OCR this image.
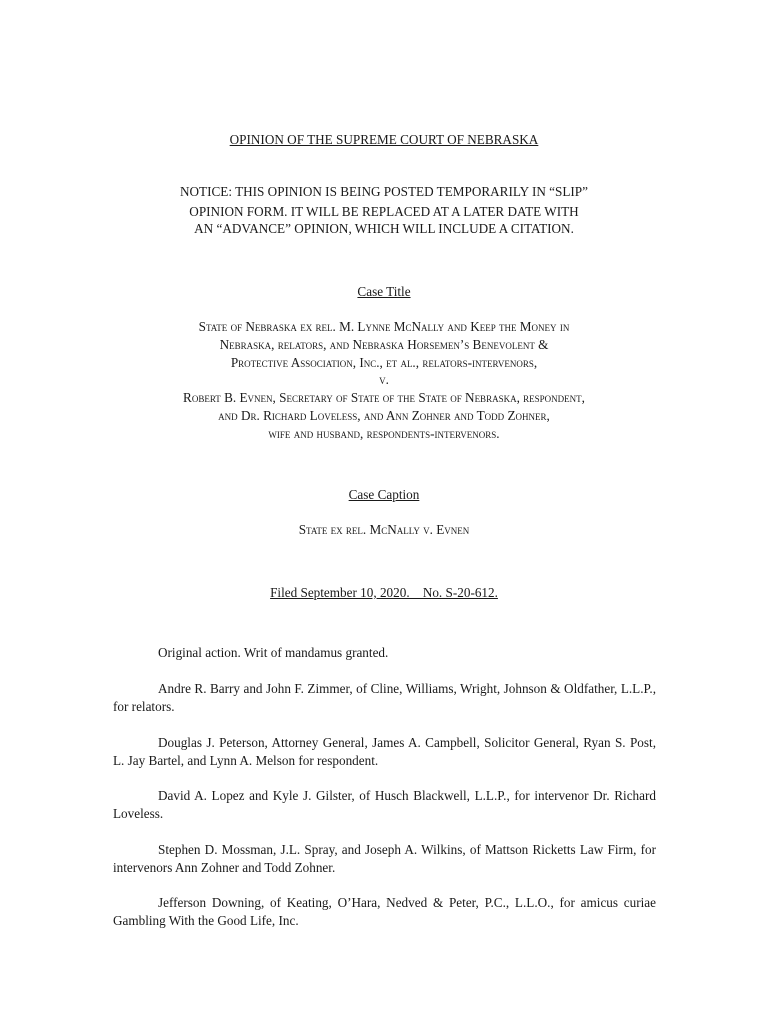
OPINION OF THE SUPREME COURT OF NEBRASKA
NOTICE: THIS OPINION IS BEING POSTED TEMPORARILY IN “SLIP”
OPINION FORM. IT WILL BE REPLACED AT A LATER DATE WITH
AN “ADVANCE” OPINION, WHICH WILL INCLUDE A CITATION.
Case Title
State of Nebraska ex rel. M. Lynne McNally and Keep the Money in
Nebraska, relators, and Nebraska Horsemen’s Benevolent &
Protective Association, Inc., et al., relators-intervenors,
v.
Robert B. Evnen, Secretary of State of the State of Nebraska, respondent,
and Dr. Richard Loveless, and Ann Zohner and Todd Zohner,
wife and husband, respondents-intervenors.
Case Caption
State ex rel. McNally v. Evnen
Filed September 10, 2020.    No. S-20-612.
Original action. Writ of mandamus granted.
Andre R. Barry and John F. Zimmer, of Cline, Williams, Wright, Johnson & Oldfather, L.L.P., for relators.
Douglas J. Peterson, Attorney General, James A. Campbell, Solicitor General, Ryan S. Post, L. Jay Bartel, and Lynn A. Melson for respondent.
David A. Lopez and Kyle J. Gilster, of Husch Blackwell, L.L.P., for intervenor Dr. Richard Loveless.
Stephen D. Mossman, J.L. Spray, and Joseph A. Wilkins, of Mattson Ricketts Law Firm, for intervenors Ann Zohner and Todd Zohner.
Jefferson Downing, of Keating, O’Hara, Nedved & Peter, P.C., L.L.O., for amicus curiae Gambling With the Good Life, Inc.
